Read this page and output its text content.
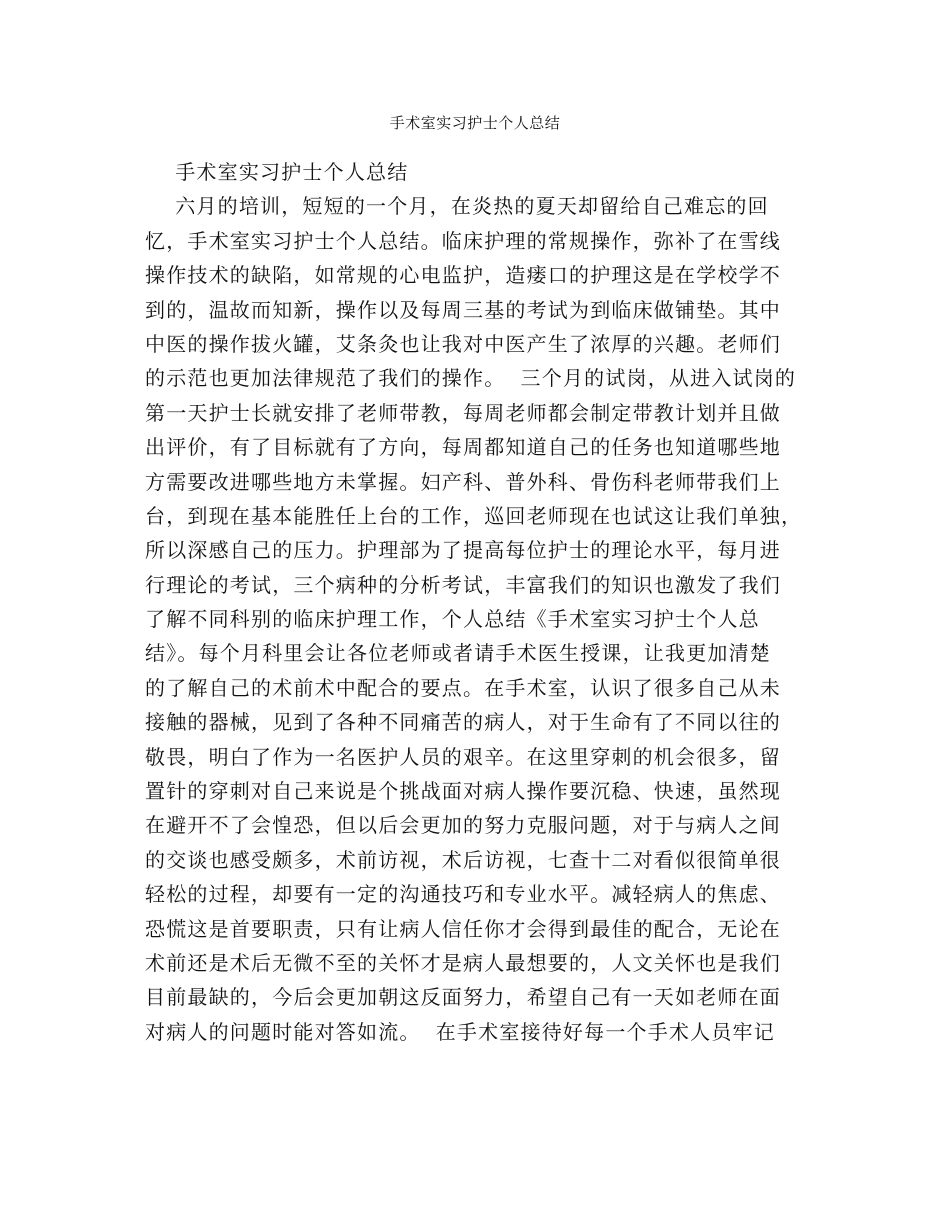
手术室实习护士个人总结
手术室实习护士个人总结
六月的培训，短短的一个月，在炎热的夏天却留给自己难忘的回
忆，手术室实习护士个人总结。临床护理的常规操作，弥补了在雪线
操作技术的缺陷，如常规的心电监护，造瘘口的护理这是在学校学不
到的，温故而知新，操作以及每周三基的考试为到临床做铺垫。其中
中医的操作拔火罐，艾条灸也让我对中医产生了浓厚的兴趣。老师们
的示范也更加法律规范了我们的操作。  三个月的试岗，从进入试岗的
第一天护士长就安排了老师带教，每周老师都会制定带教计划并且做
出评价，有了目标就有了方向，每周都知道自己的任务也知道哪些地
方需要改进哪些地方未掌握。妇产科、普外科、骨伤科老师带我们上
台，到现在基本能胜任上台的工作，巡回老师现在也试这让我们单独，
所以深感自己的压力。护理部为了提高每位护士的理论水平，每月进
行理论的考试，三个病种的分析考试，丰富我们的知识也激发了我们
了解不同科别的临床护理工作，个人总结《手术室实习护士个人总
结》。每个月科里会让各位老师或者请手术医生授课，让我更加清楚
的了解自己的术前术中配合的要点。在手术室，认识了很多自己从未
接触的器械，见到了各种不同痛苦的病人，对于生命有了不同以往的
敬畏，明白了作为一名医护人员的艰辛。在这里穿刺的机会很多，留
置针的穿刺对自己来说是个挑战面对病人操作要沉稳、快速，虽然现
在避开不了会惶恐，但以后会更加的努力克服问题，对于与病人之间
的交谈也感受颇多，术前访视，术后访视，七查十二对看似很简单很
轻松的过程，却要有一定的沟通技巧和专业水平。减轻病人的焦虑、
恐慌这是首要职责，只有让病人信任你才会得到最佳的配合，无论在
术前还是术后无微不至的关怀才是病人最想要的，人文关怀也是我们
目前最缺的，今后会更加朝这反面努力，希望自己有一天如老师在面
对病人的问题时能对答如流。  在手术室接待好每一个手术人员牢记
